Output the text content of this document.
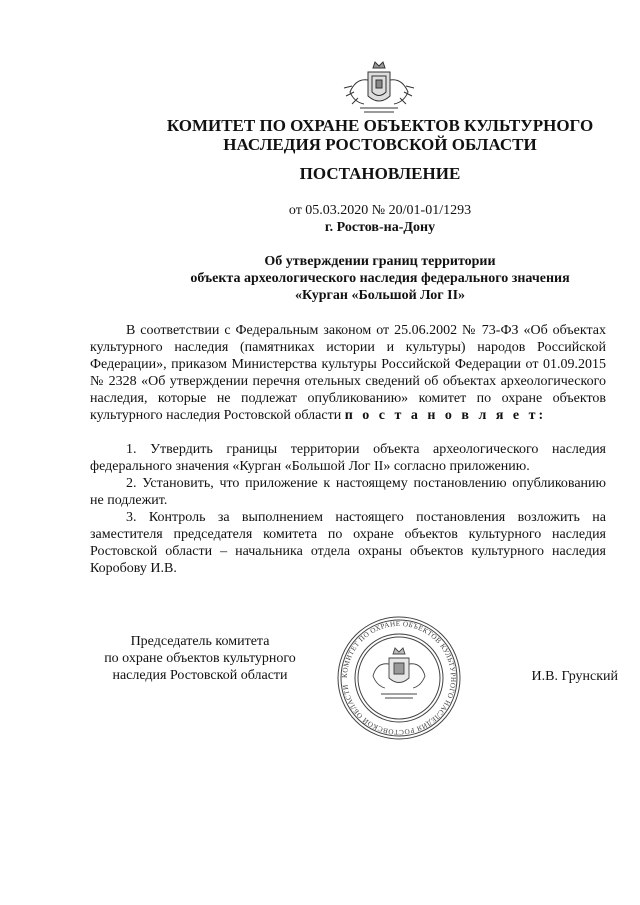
КОМИТЕТ ПО ОХРАНЕ ОБЪЕКТОВ КУЛЬТУРНОГО
НАСЛЕДИЯ РОСТОВСКОЙ ОБЛАСТИ
ПОСТАНОВЛЕНИЕ
от 05.03.2020 № 20/01-01/1293
г. Ростов-на-Дону
Об утверждении границ территории
объекта археологического наследия федерального значения
«Курган «Большой Лог II»

В соответствии с Федеральным законом от 25.06.2002 № 73-ФЗ «Об объектах культурного наследия (памятниках истории и культуры) народов Российской Федерации», приказом Министерства культуры Российской Федерации от 01.09.2015 № 2328 «Об утверждении перечня отельных сведений об объектах археологического наследия, которые не подлежат опубликованию» комитет по охране объектов культурного наследия Ростовской области п о с т а н о в л я е т:

1. Утвердить границы территории объекта археологического наследия федерального значения «Курган «Большой Лог II» согласно приложению.

2. Установить, что приложение к настоящему постановлению опубликованию не подлежит.

3. Контроль за выполнением настоящего постановления возложить на заместителя председателя комитета по охране объектов культурного наследия Ростовской области – начальника отдела охраны объектов культурного наследия Коробову И.В.

Председатель комитета
по охране объектов культурного
наследия Ростовской области	КОМИТЕТ ПО ОХРАНЕ ОБЪЕКТОВ КУЛЬТУРНОГО НАСЛЕДИЯ РОСТОВСКОЙ ОБЛАСТИ
И.В. Грунский
